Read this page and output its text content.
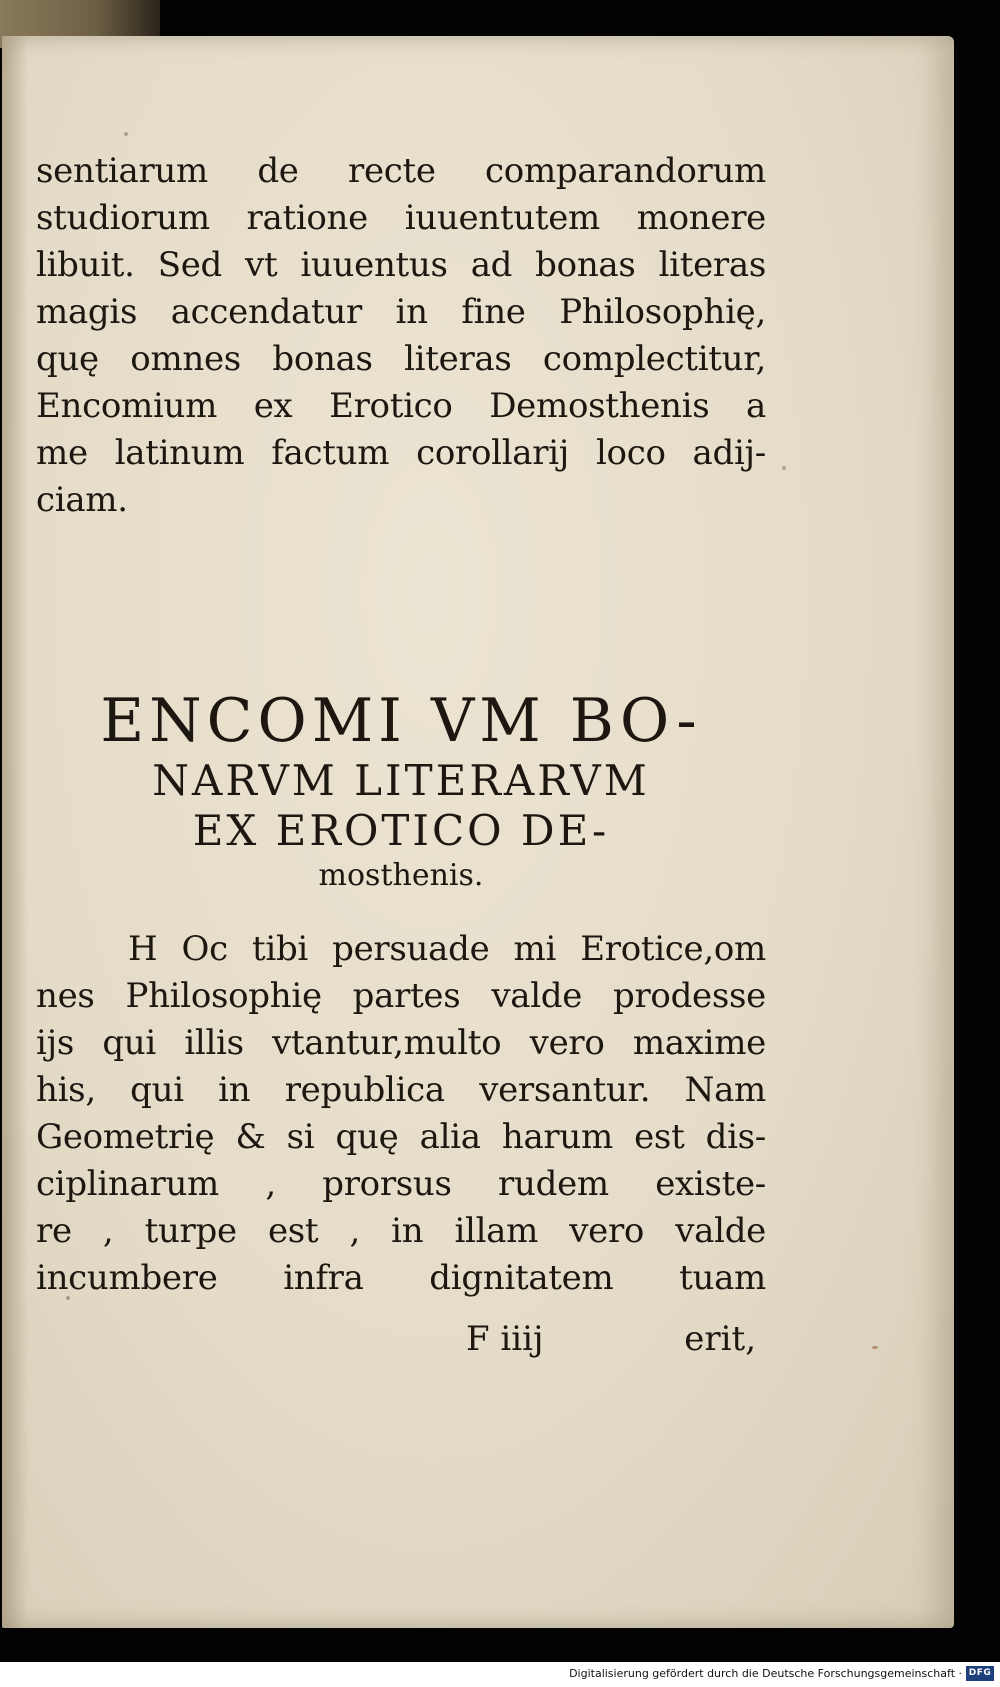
sentiarum de recte comparandorum
studiorum ratione iuuentutem monere
libuit. Sed vt iuuentus ad bonas literas
magis accendatur in fine Philosophię,
quę omnes bonas literas complectitur,
Encomium ex Erotico Demosthenis a
me latinum factum corollarij loco adij-
ciam.
ENCOMI VM BO-
NARVM LITERARVM
EX EROTICO DE-
mosthenis.
H Oc tibi persuade mi Erotice,om
nes Philosophię partes valde prodesse
ijs qui illis vtantur,multo vero maxime
his, qui in republica versantur. Nam
Geometrię & si quę alia harum est dis-
ciplinarum , prorsus rudem existe-
re , turpe est , in illam vero valde
incumbere infra dignitatem tuam
F iiij	erit,
Digitalisierung gefördert durch die Deutsche Forschungsgemeinschaft · DFG
